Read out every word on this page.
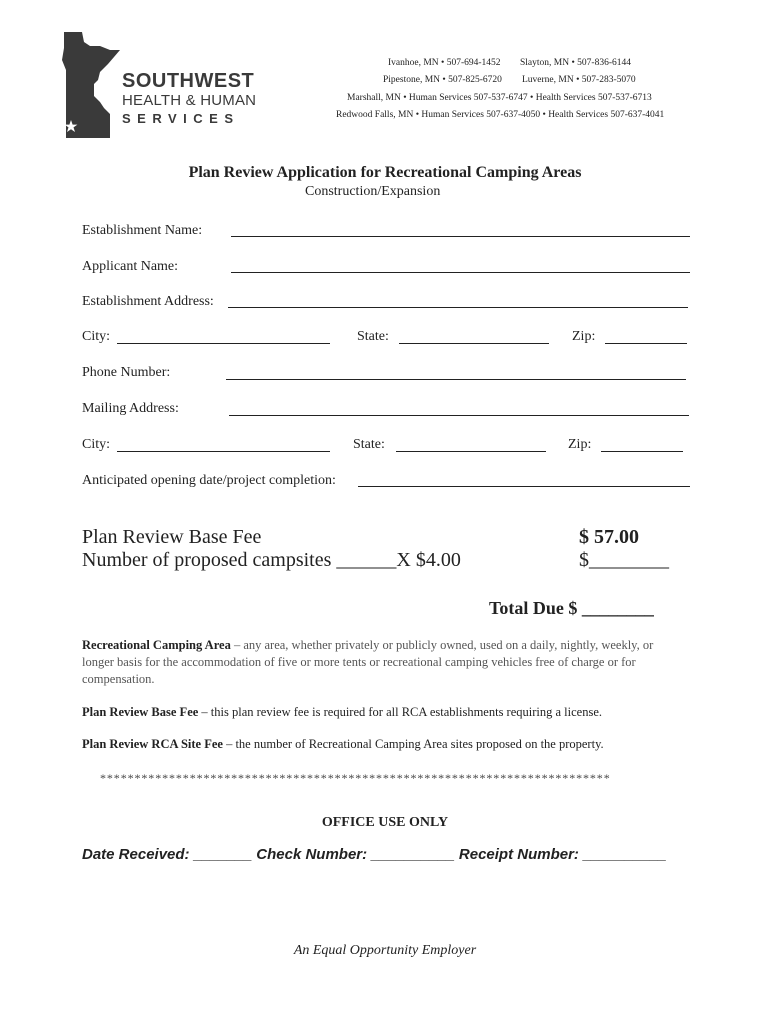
SOUTHWEST
HEALTH & HUMAN
SERVICES
Ivanhoe, MN • 507-694-1452 Slayton, MN • 507-836-6144
Pipestone, MN • 507-825-6720 Luverne, MN • 507-283-5070
Marshall, MN • Human Services 507-537-6747 • Health Services 507-537-6713
Redwood Falls, MN • Human Services 507-637-4050 • Health Services 507-637-4041
Plan Review Application for Recreational Camping Areas
Construction/Expansion
Establishment Name:
Applicant Name:
Establishment Address:
City:	State:	Zip:
Phone Number:
Mailing Address:
City:	State:	Zip:
Anticipated opening date/project completion:
Plan Review Base Fee	$ 57.00
Number of proposed campsites ______X $4.00	$________
Total Due $ ________
Recreational Camping Area – any area, whether privately or publicly owned, used on a daily, nightly, weekly, or longer basis for the accommodation of five or more tents or recreational camping vehicles free of charge or for compensation.
Plan Review Base Fee – this plan review fee is required for all RCA establishments requiring a license.
Plan Review RCA Site Fee – the number of Recreational Camping Area sites proposed on the property.
**************************************************************************
OFFICE USE ONLY
Date Received: _______ Check Number: __________ Receipt Number: __________
An Equal Opportunity Employer
